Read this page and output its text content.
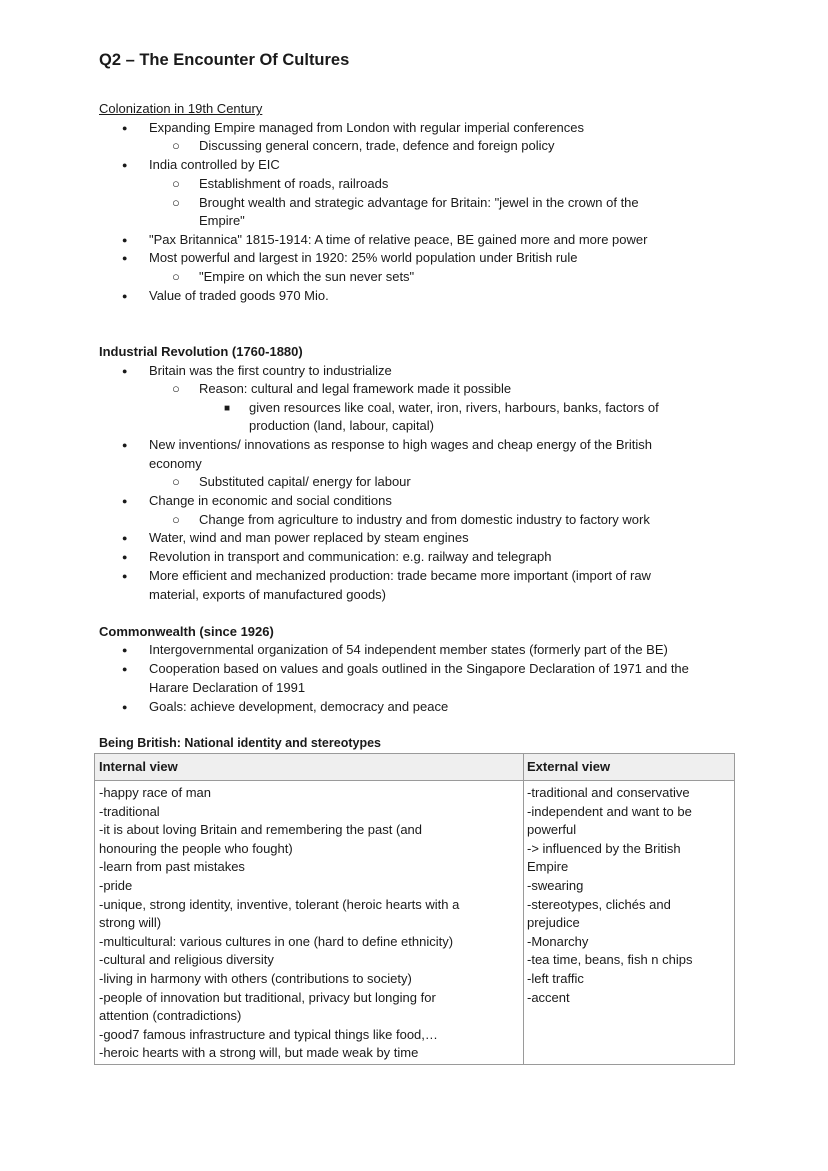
Q2 – The Encounter Of Cultures
Colonization in 19th Century
● Expanding Empire managed from London with regular imperial conferences
○ Discussing general concern, trade, defence and foreign policy
● India controlled by EIC
○ Establishment of roads, railroads
○ Brought wealth and strategic advantage for Britain: "jewel in the crown of the
Empire"
● "Pax Britannica" 1815-1914: A time of relative peace, BE gained more and more power
● Most powerful and largest in 1920: 25% world population under British rule
○ "Empire on which the sun never sets"
● Value of traded goods 970 Mio.
Industrial Revolution (1760-1880)
● Britain was the first country to industrialize
○ Reason: cultural and legal framework made it possible
■ given resources like coal, water, iron, rivers, harbours, banks, factors of
production (land, labour, capital)
● New inventions/ innovations as response to high wages and cheap energy of the British
economy
○ Substituted capital/ energy for labour
● Change in economic and social conditions
○ Change from agriculture to industry and from domestic industry to factory work
● Water, wind and man power replaced by steam engines
● Revolution in transport and communication: e.g. railway and telegraph
● More efficient and mechanized production: trade became more important (import of raw
material, exports of manufactured goods)
Commonwealth (since 1926)
● Intergovernmental organization of 54 independent member states (formerly part of the BE)
● Cooperation based on values and goals outlined in the Singapore Declaration of 1971 and the
Harare Declaration of 1991
● Goals: achieve development, democracy and peace
Being British: National identity and stereotypes
Internal view	External view
-happy race of man
-traditional
-it is about loving Britain and remembering the past (and
honouring the people who fought)
-learn from past mistakes
-pride
-unique, strong identity, inventive, tolerant (heroic hearts with a
strong will)
-multicultural: various cultures in one (hard to define ethnicity)
-cultural and religious diversity
-living in harmony with others (contributions to society)
-people of innovation but traditional, privacy but longing for
attention (contradictions)
-good7 famous infrastructure and typical things like food,…
-heroic hearts with a strong will, but made weak by time
-traditional and conservative
-independent and want to be
powerful
-> influenced by the British
Empire
-swearing
-stereotypes, clichés and
prejudice
-Monarchy
-tea time, beans, fish n chips
-left traffic
-accent
